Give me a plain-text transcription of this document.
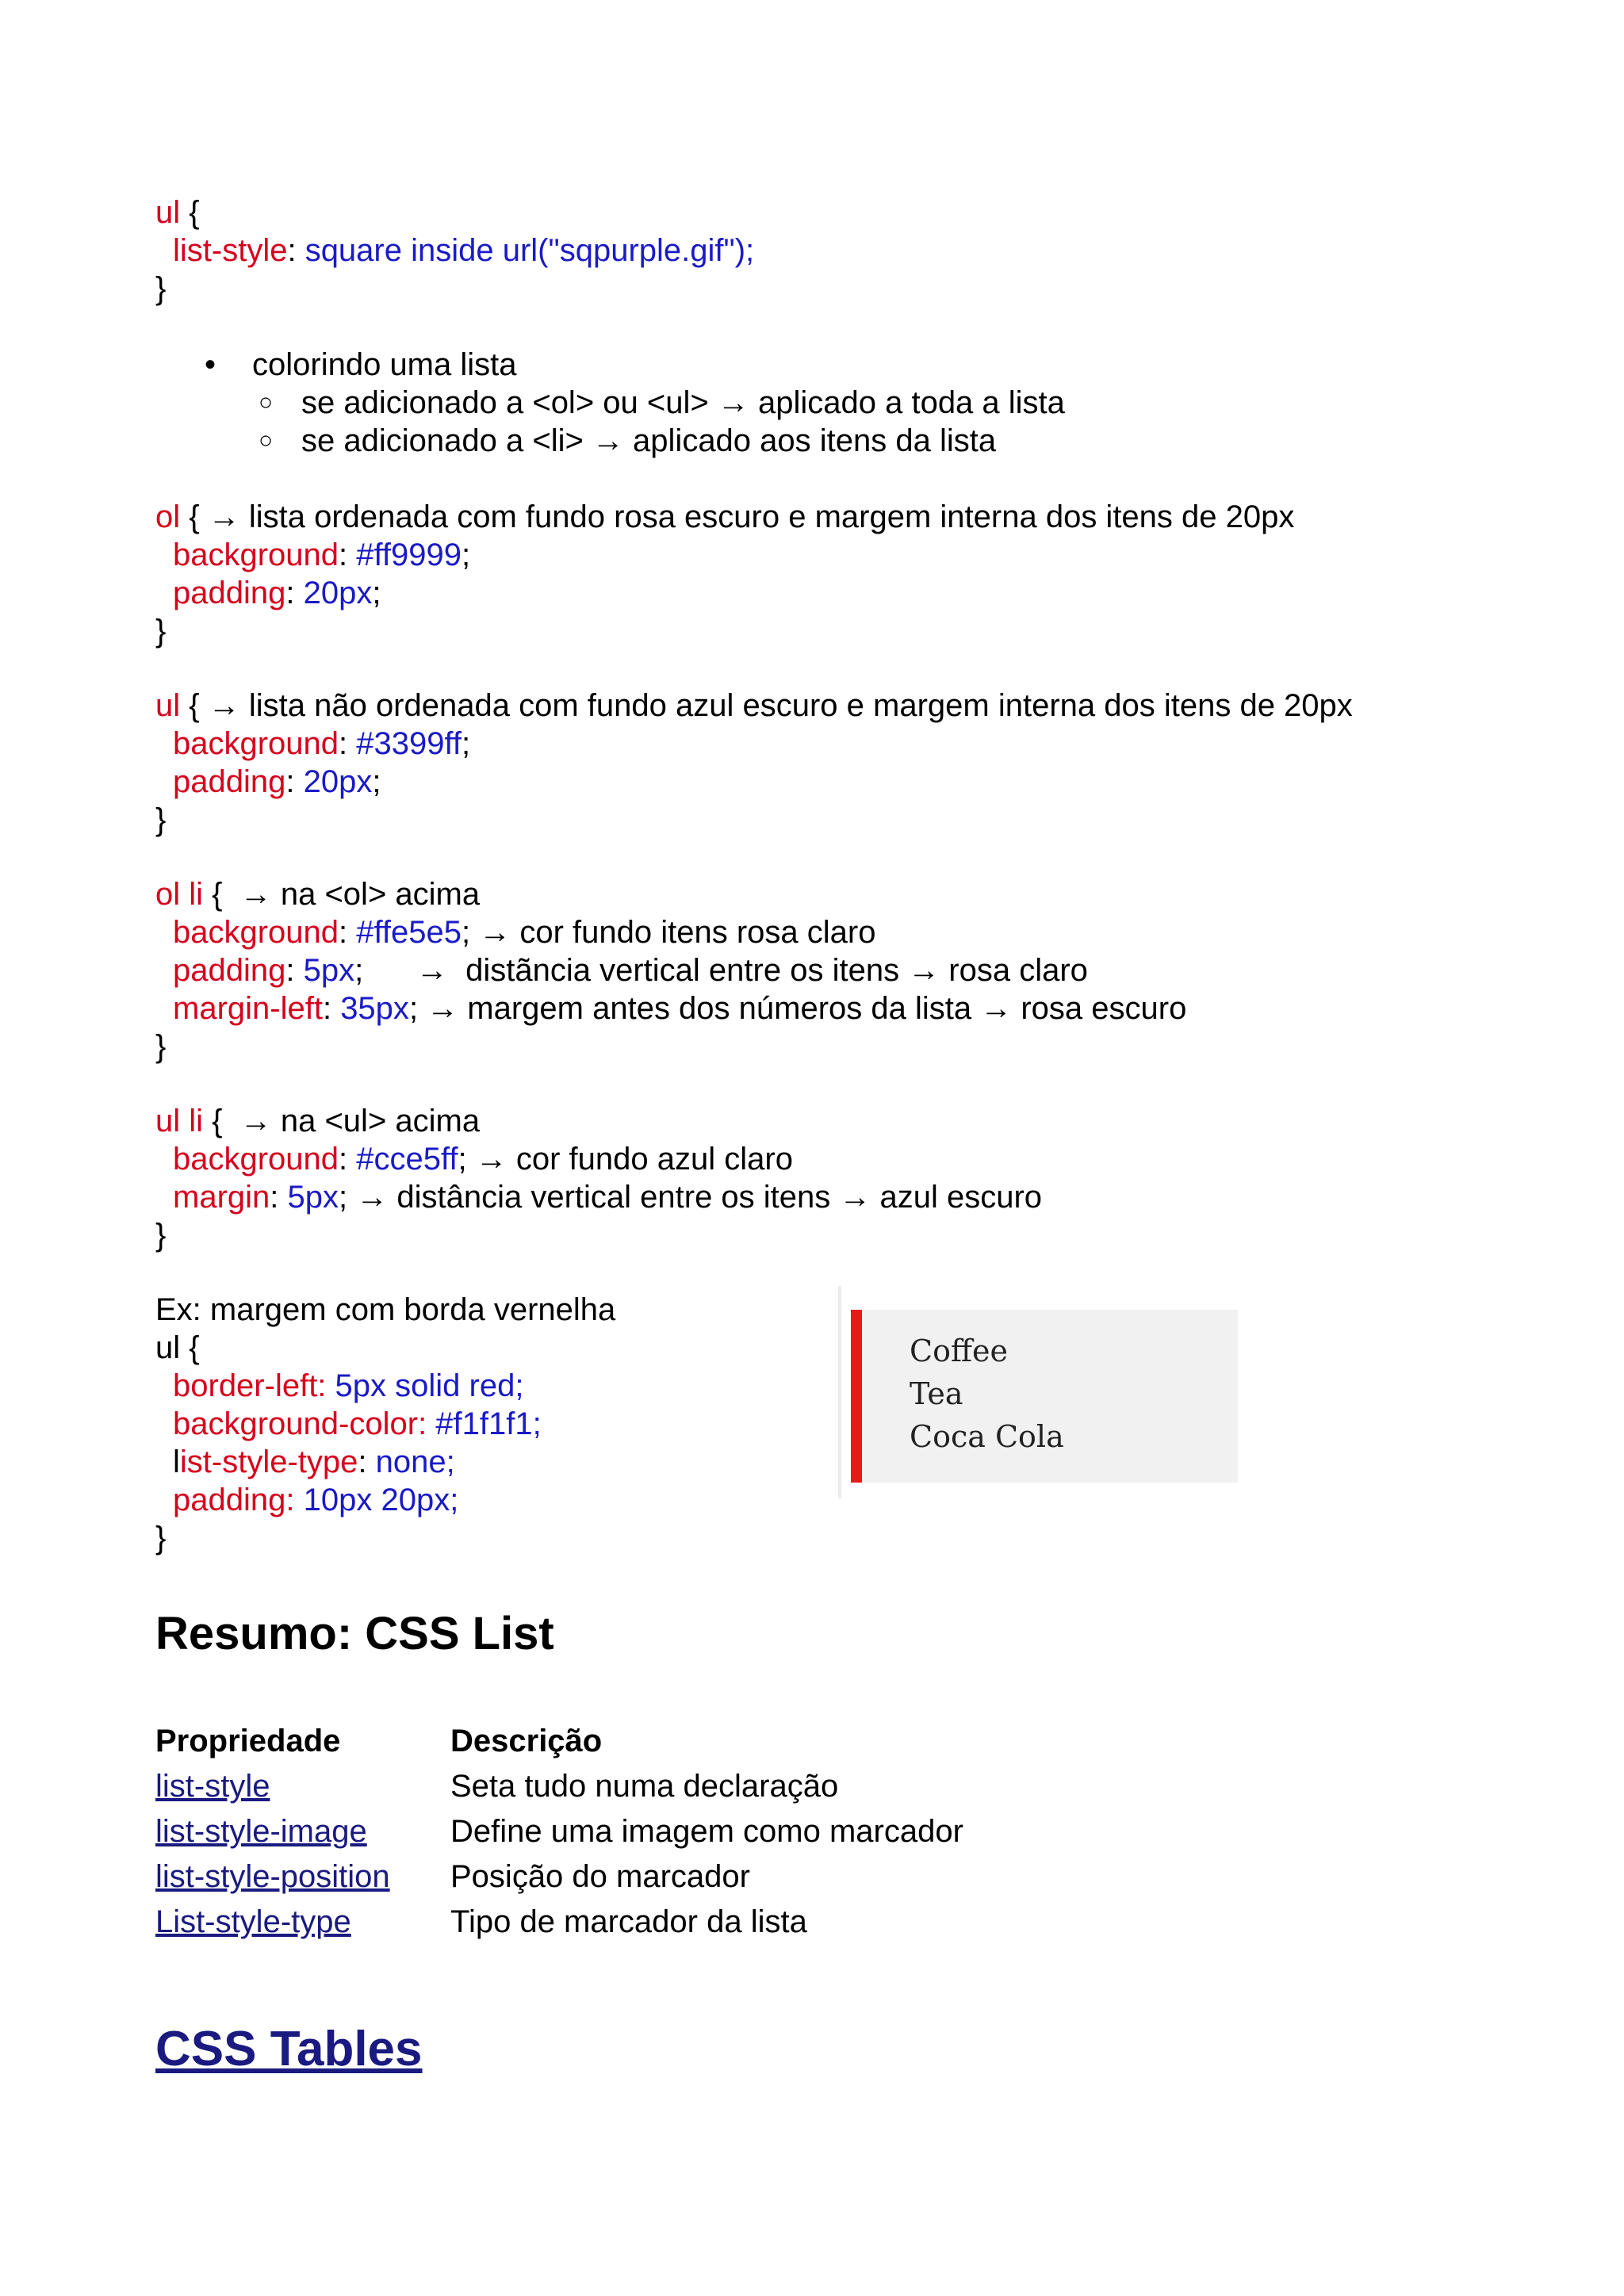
ul {
list-style: square inside url("sqpurple.gif");
}
• colorindo uma lista
○ se adicionado a <ol> ou <ul> → aplicado a toda a lista
○ se adicionado a <li> → aplicado aos itens da lista
ol { → lista ordenada com fundo rosa escuro e margem interna dos itens de 20px
background: #ff9999;
padding: 20px;
}
ul { → lista não ordenada com fundo azul escuro e margem interna dos itens de 20px
background: #3399ff;
padding: 20px;
}
ol li {  → na <ol> acima
background: #ffe5e5; → cor fundo itens rosa claro
padding: 5px;      →  distãncia vertical entre os itens → rosa claro
margin-left: 35px; → margem antes dos números da lista → rosa escuro
}
ul li {  → na <ul> acima
background: #cce5ff; → cor fundo azul claro
margin: 5px; → distância vertical entre os itens → azul escuro
}
Ex: margem com borda vernelha
ul {
border-left: 5px solid red;
background-color: #f1f1f1;
list-style-type: none;
padding: 10px 20px;
}
Resumo: CSS List
Propriedade	Descrição
list-style	Seta tudo numa declaração
list-style-image	Define uma imagem como marcador
list-style-position Posição do marcador
List-style-type	Tipo de marcador da lista
CSS Tables
Coffee
Tea
Coca Cola
